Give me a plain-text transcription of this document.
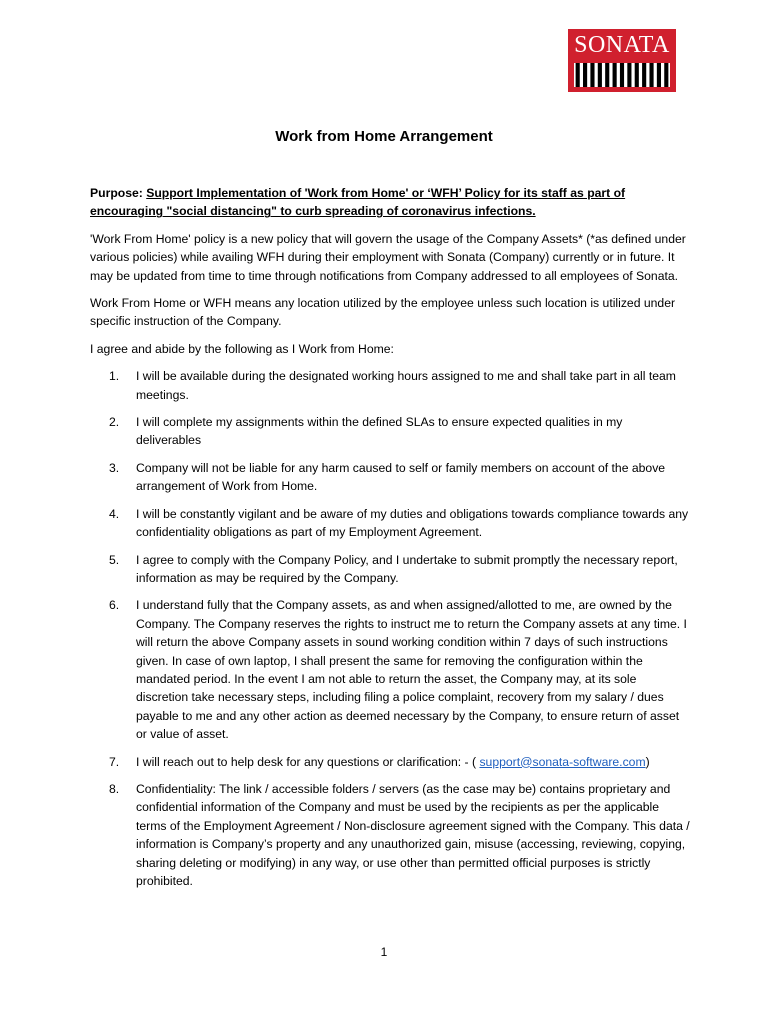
SONATA
Work from Home Arrangement

Purpose: Support Implementation of 'Work from Home' or ‘WFH’ Policy for its staff as part of encouraging "social distancing" to curb spreading of coronavirus infections.

'Work From Home' policy is a new policy that will govern the usage of the Company Assets* (*as defined under various policies) while availing WFH during their employment with Sonata (Company) currently or in future. It may be updated from time to time through notifications from Company addressed to all employees of Sonata.

Work From Home or WFH means any location utilized by the employee unless such location is utilized under specific instruction of the Company.

I agree and abide by the following as I Work from Home:

1. I will be available during the designated working hours assigned to me and shall take part in all team meetings.
2. I will complete my assignments within the defined SLAs to ensure expected qualities in my deliverables
3. Company will not be liable for any harm caused to self or family members on account of the above arrangement of Work from Home.
4. I will be constantly vigilant and be aware of my duties and obligations towards compliance towards any confidentiality obligations as part of my Employment Agreement.
5. I agree to comply with the Company Policy, and I undertake to submit promptly the necessary report, information as may be required by the Company.
6. I understand fully that the Company assets, as and when assigned/allotted to me, are owned by the Company. The Company reserves the rights to instruct me to return the Company assets at any time. I will return the above Company assets in sound working condition within 7 days of such instructions given. In case of own laptop, I shall present the same for removing the configuration within the mandated period. In the event I am not able to return the asset, the Company may, at its sole discretion take necessary steps, including filing a police complaint, recovery from my salary / dues payable to me and any other action as deemed necessary by the Company, to ensure return of asset or value of asset.
7. I will reach out to help desk for any questions or clarification: - ( support@sonata-software.com)
8. Confidentiality: The link / accessible folders / servers (as the case may be) contains proprietary and confidential information of the Company and must be used by the recipients as per the applicable terms of the Employment Agreement / Non-disclosure agreement signed with the Company. This data / information is Company’s property and any unauthorized gain, misuse (accessing, reviewing, copying, sharing deleting or modifying) in any way, or use other than permitted official purposes is strictly prohibited.
1
